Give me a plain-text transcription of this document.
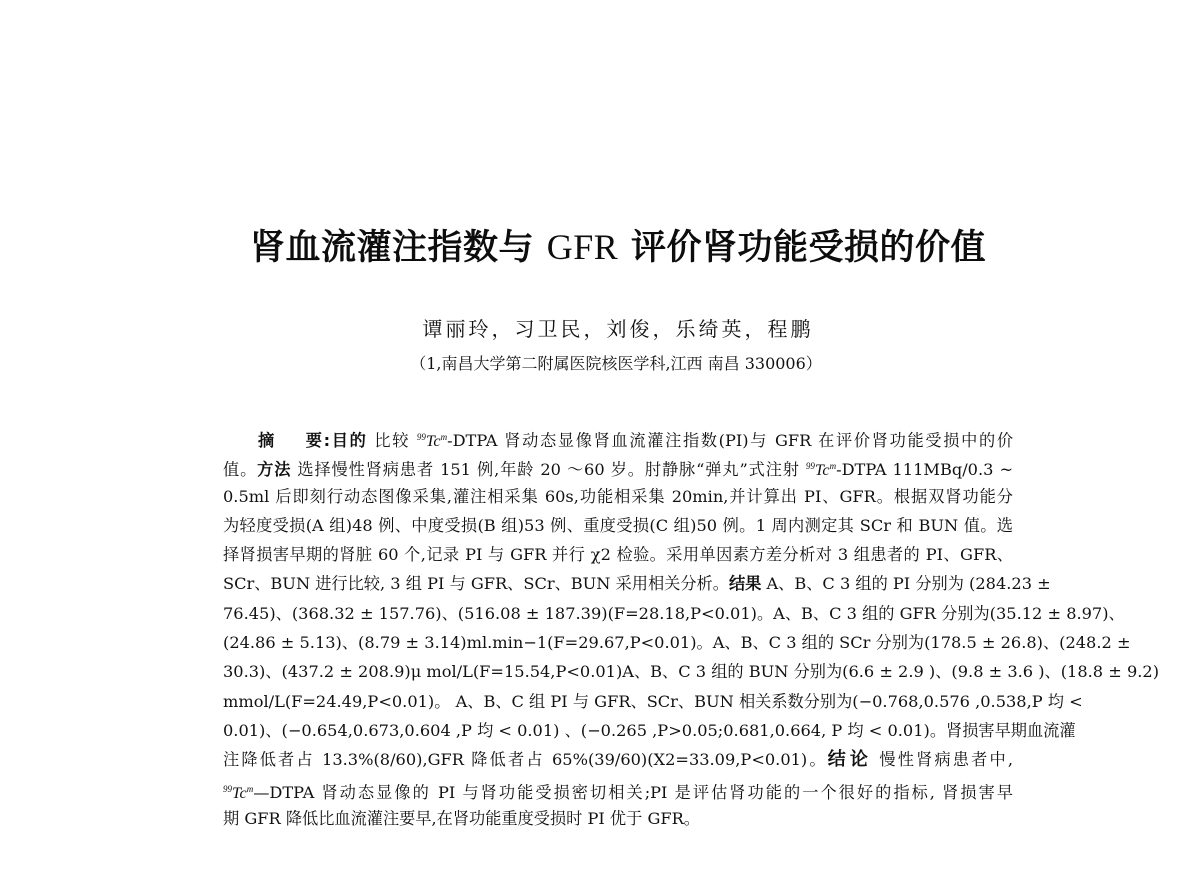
肾血流灌注指数与 GFR 评价肾功能受损的价值
谭丽玲，习卫民，刘俊，乐绮英，程鹏
（1,南昌大学第二附属医院核医学科,江西 南昌 330006）
摘　要:目的 比较 $^{99}$Tc$^m$-DTPA 肾动态显像肾血流灌注指数(PI)与 GFR 在评价肾功能受损中的价
值。方法 选择慢性肾病患者 151 例,年龄 20 ～60 岁。肘静脉“弹丸”式注射 $^{99}$Tc$^m$-DTPA 111MBq/0.3 ~
0.5ml 后即刻行动态图像采集,灌注相采集 60s,功能相采集 20min,并计算出 PI、GFR。根据双肾功能分
为轻度受损(A 组)48 例、中度受损(B 组)53 例、重度受损(C 组)50 例。1 周内测定其 SCr 和 BUN 值。选
择肾损害早期的肾脏 60 个,记录 PI 与 GFR 并行 χ2 检验。采用单因素方差分析对 3 组患者的 PI、GFR、
SCr、BUN 进行比较, 3 组 PI 与 GFR、SCr、BUN 采用相关分析。结果 A、B、C 3 组的 PI 分别为 (284.23 ±
76.45)、(368.32 ± 157.76)、(516.08 ± 187.39)(F=28.18,P<0.01)。A、B、C 3 组的 GFR 分别为(35.12 ± 8.97)、
(24.86 ± 5.13)、(8.79 ± 3.14)ml.min−1(F=29.67,P<0.01)。A、B、C 3 组的 SCr 分别为(178.5 ± 26.8)、(248.2 ±
30.3)、(437.2 ± 208.9)μ mol/L(F=15.54,P<0.01)A、B、C 3 组的 BUN 分别为(6.6 ± 2.9 )、(9.8 ± 3.6 )、(18.8 ± 9.2)
mmol/L(F=24.49,P<0.01)。 A、B、C 组 PI 与 GFR、SCr、BUN 相关系数分别为(−0.768,0.576 ,0.538,P 均 <
0.01)、(−0.654,0.673,0.604 ,P 均 < 0.01) 、(−0.265 ,P>0.05;0.681,0.664, P 均 < 0.01)。肾损害早期血流灌
注降低者占 13.3%(8/60),GFR 降低者占 65%(39/60)(X2=33.09,P<0.01)。结论 慢性肾病患者中,
$^{99}$Tc$^m$—DTPA 肾动态显像的 PI 与肾功能受损密切相关;PI 是评估肾功能的一个很好的指标, 肾损害早
期 GFR 降低比血流灌注要早,在肾功能重度受损时 PI 优于 GFR。
